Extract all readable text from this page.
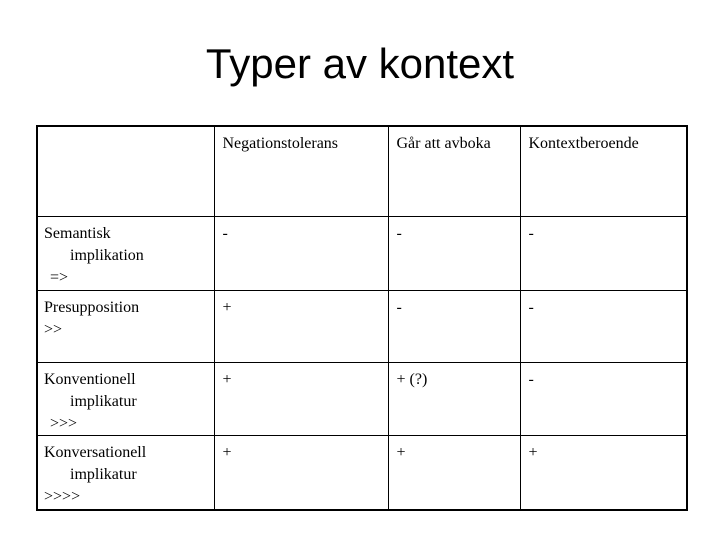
Typer av kontext
	Negationstolerans	Går att avboka	Kontextberoende

Semantisk
implikation
=>	-	-	-

Presupposition
>>	+	-	-

Konventionell
implikatur
>>>	+	+ (?)	-

Konversationell
implikatur
>>>>	+	+	+
